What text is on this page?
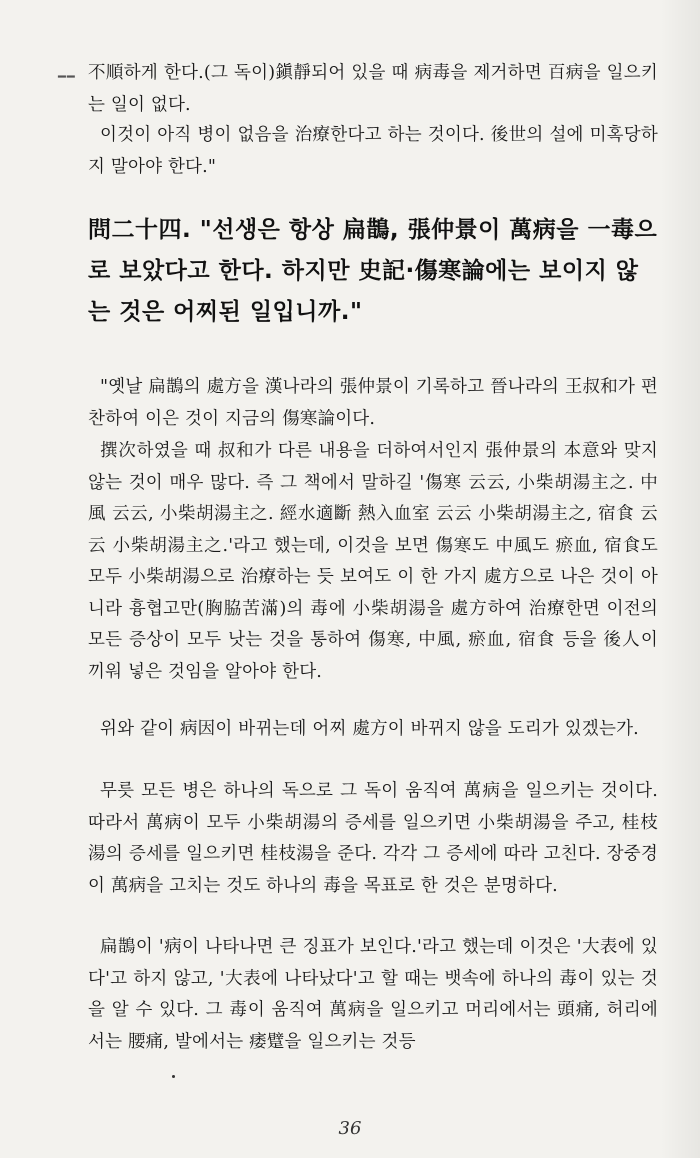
━━ 不順하게 한다.(그 독이)鎭靜되어 있을 때 病毒을 제거하면 百病을 일으키는 일이 없다.

이것이 아직 병이 없음을 治療한다고 하는 것이다. 後世의 설에 미혹당하지 말아야 한다."

問二十四. "선생은 항상 扁鵲, 張仲景이 萬病을 一毒으로 보았다고 한다. 하지만 史記·傷寒論에는 보이지 않는 것은 어찌된 일입니까."

"옛날 扁鵲의 處方을 漢나라의 張仲景이 기록하고 晉나라의 王叔和가 편찬하여 이은 것이 지금의 傷寒論이다.

撰次하였을 때 叔和가 다른 내용을 더하여서인지 張仲景의 本意와 맞지 않는 것이 매우 많다. 즉 그 책에서 말하길 '傷寒 云云, 小柴胡湯主之. 中風 云云, 小柴胡湯主之. 經水適斷 熱入血室 云云 小柴胡湯主之, 宿食 云云 小柴胡湯主之.'라고 했는데, 이것을 보면 傷寒도 中風도 瘀血, 宿食도 모두 小柴胡湯으로 治療하는 듯 보여도 이 한 가지 處方으로 나은 것이 아니라 흉협고만(胸脇苦滿)의 毒에 小柴胡湯을 處方하여 治療한면 이전의 모든 증상이 모두 낫는 것을 통하여 傷寒, 中風, 瘀血, 宿食 등을 後人이 끼워 넣은 것임을 알아야 한다.

위와 같이 病因이 바뀌는데 어찌 處方이 바뀌지 않을 도리가 있겠는가.

무릇 모든 병은 하나의 독으로 그 독이 움직여 萬病을 일으키는 것이다. 따라서 萬病이 모두 小柴胡湯의 증세를 일으키면 小柴胡湯을 주고, 桂枝湯의 증세를 일으키면 桂枝湯을 준다. 각각 그 증세에 따라 고친다. 장중경이 萬病을 고치는 것도 하나의 毒을 목표로 한 것은 분명하다.

扁鵲이 '病이 나타나면 큰 징표가 보인다.'라고 했는데 이것은 '大表에 있다'고 하지 않고, '大表에 나타났다'고 할 때는 뱃속에 하나의 毒이 있는 것을 알 수 있다. 그 毒이 움직여 萬病을 일으키고 머리에서는 頭痛, 허리에서는 腰痛, 발에서는 痿躄을 일으키는 것등

36
